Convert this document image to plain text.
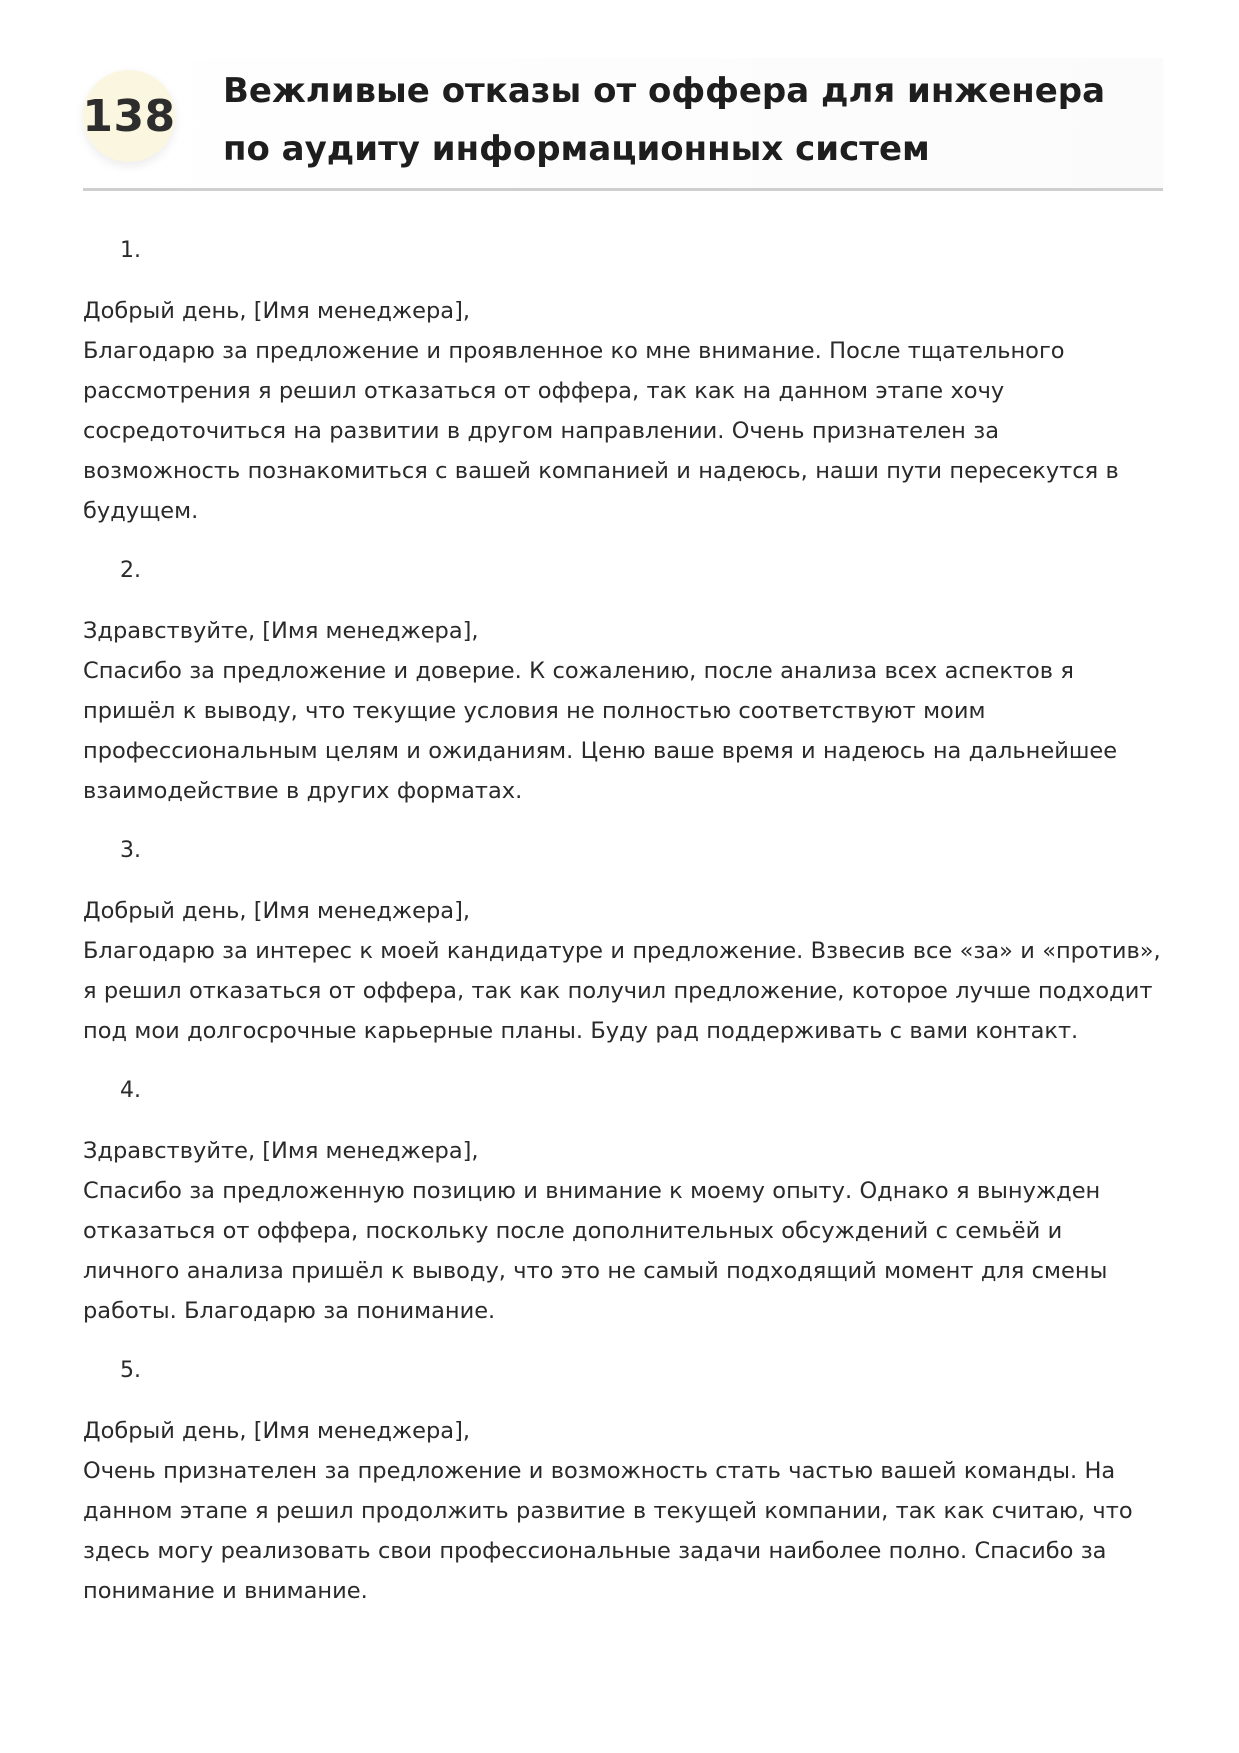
138 Вежливые отказы от оффера для инженера по аудиту информационных систем
1.
Добрый день, [Имя менеджера],
Благодарю за предложение и проявленное ко мне внимание. После тщательного рассмотрения я решил отказаться от оффера, так как на данном этапе хочу сосредоточиться на развитии в другом направлении. Очень признателен за возможность познакомиться с вашей компанией и надеюсь, наши пути пересекутся в будущем.
2.
Здравствуйте, [Имя менеджера],
Спасибо за предложение и доверие. К сожалению, после анализа всех аспектов я пришёл к выводу, что текущие условия не полностью соответствуют моим профессиональным целям и ожиданиям. Ценю ваше время и надеюсь на дальнейшее взаимодействие в других форматах.
3.
Добрый день, [Имя менеджера],
Благодарю за интерес к моей кандидатуре и предложение. Взвесив все «за» и «против», я решил отказаться от оффера, так как получил предложение, которое лучше подходит под мои долгосрочные карьерные планы. Буду рад поддерживать с вами контакт.
4.
Здравствуйте, [Имя менеджера],
Спасибо за предложенную позицию и внимание к моему опыту. Однако я вынужден отказаться от оффера, поскольку после дополнительных обсуждений с семьёй и личного анализа пришёл к выводу, что это не самый подходящий момент для смены работы. Благодарю за понимание.
5.
Добрый день, [Имя менеджера],
Очень признателен за предложение и возможность стать частью вашей команды. На данном этапе я решил продолжить развитие в текущей компании, так как считаю, что здесь могу реализовать свои профессиональные задачи наиболее полно. Спасибо за понимание и внимание.
